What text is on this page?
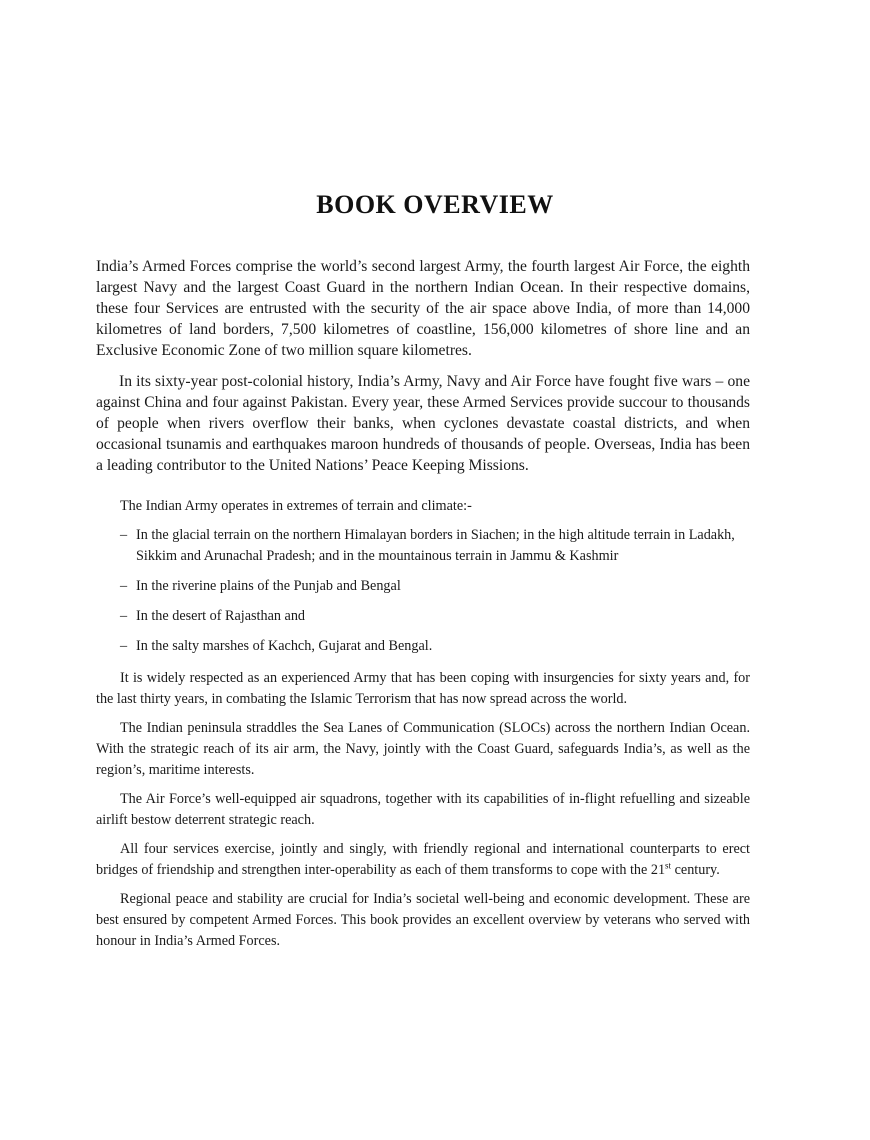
BOOK OVERVIEW

India’s Armed Forces comprise the world’s second largest Army, the fourth largest Air Force, the eighth largest Navy and the largest Coast Guard in the northern Indian Ocean. In their respective domains, these four Services are entrusted with the security of the air space above India, of more than 14,000 kilometres of land borders, 7,500 kilometres of coastline, 156,000 kilometres of shore line and an Exclusive Economic Zone of two million square kilometres.

In its sixty-year post-colonial history, India’s Army, Navy and Air Force have fought five wars – one against China and four against Pakistan. Every year, these Armed Services provide succour to thousands of people when rivers overflow their banks, when cyclones devastate coastal districts, and when occasional tsunamis and earthquakes maroon hundreds of thousands of people. Overseas, India has been a leading contributor to the United Nations’ Peace Keeping Missions.

The Indian Army operates in extremes of terrain and climate:-

– In the glacial terrain on the northern Himalayan borders in Siachen; in the high altitude terrain in Ladakh, Sikkim and Arunachal Pradesh; and in the mountainous terrain in Jammu & Kashmir
– In the riverine plains of the Punjab and Bengal
– In the desert of Rajasthan and
– In the salty marshes of Kachch, Gujarat and Bengal.

It is widely respected as an experienced Army that has been coping with insurgencies for sixty years and, for the last thirty years, in combating the Islamic Terrorism that has now spread across the world.

The Indian peninsula straddles the Sea Lanes of Communication (SLOCs) across the northern Indian Ocean. With the strategic reach of its air arm, the Navy, jointly with the Coast Guard, safeguards India’s, as well as the region’s, maritime interests.

The Air Force’s well-equipped air squadrons, together with its capabilities of in-flight refuelling and sizeable airlift bestow deterrent strategic reach.

All four services exercise, jointly and singly, with friendly regional and international counterparts to erect bridges of friendship and strengthen inter-operability as each of them transforms to cope with the 21st century.

Regional peace and stability are crucial for India’s societal well-being and economic development. These are best ensured by competent Armed Forces. This book provides an excellent overview by veterans who served with honour in India’s Armed Forces.
